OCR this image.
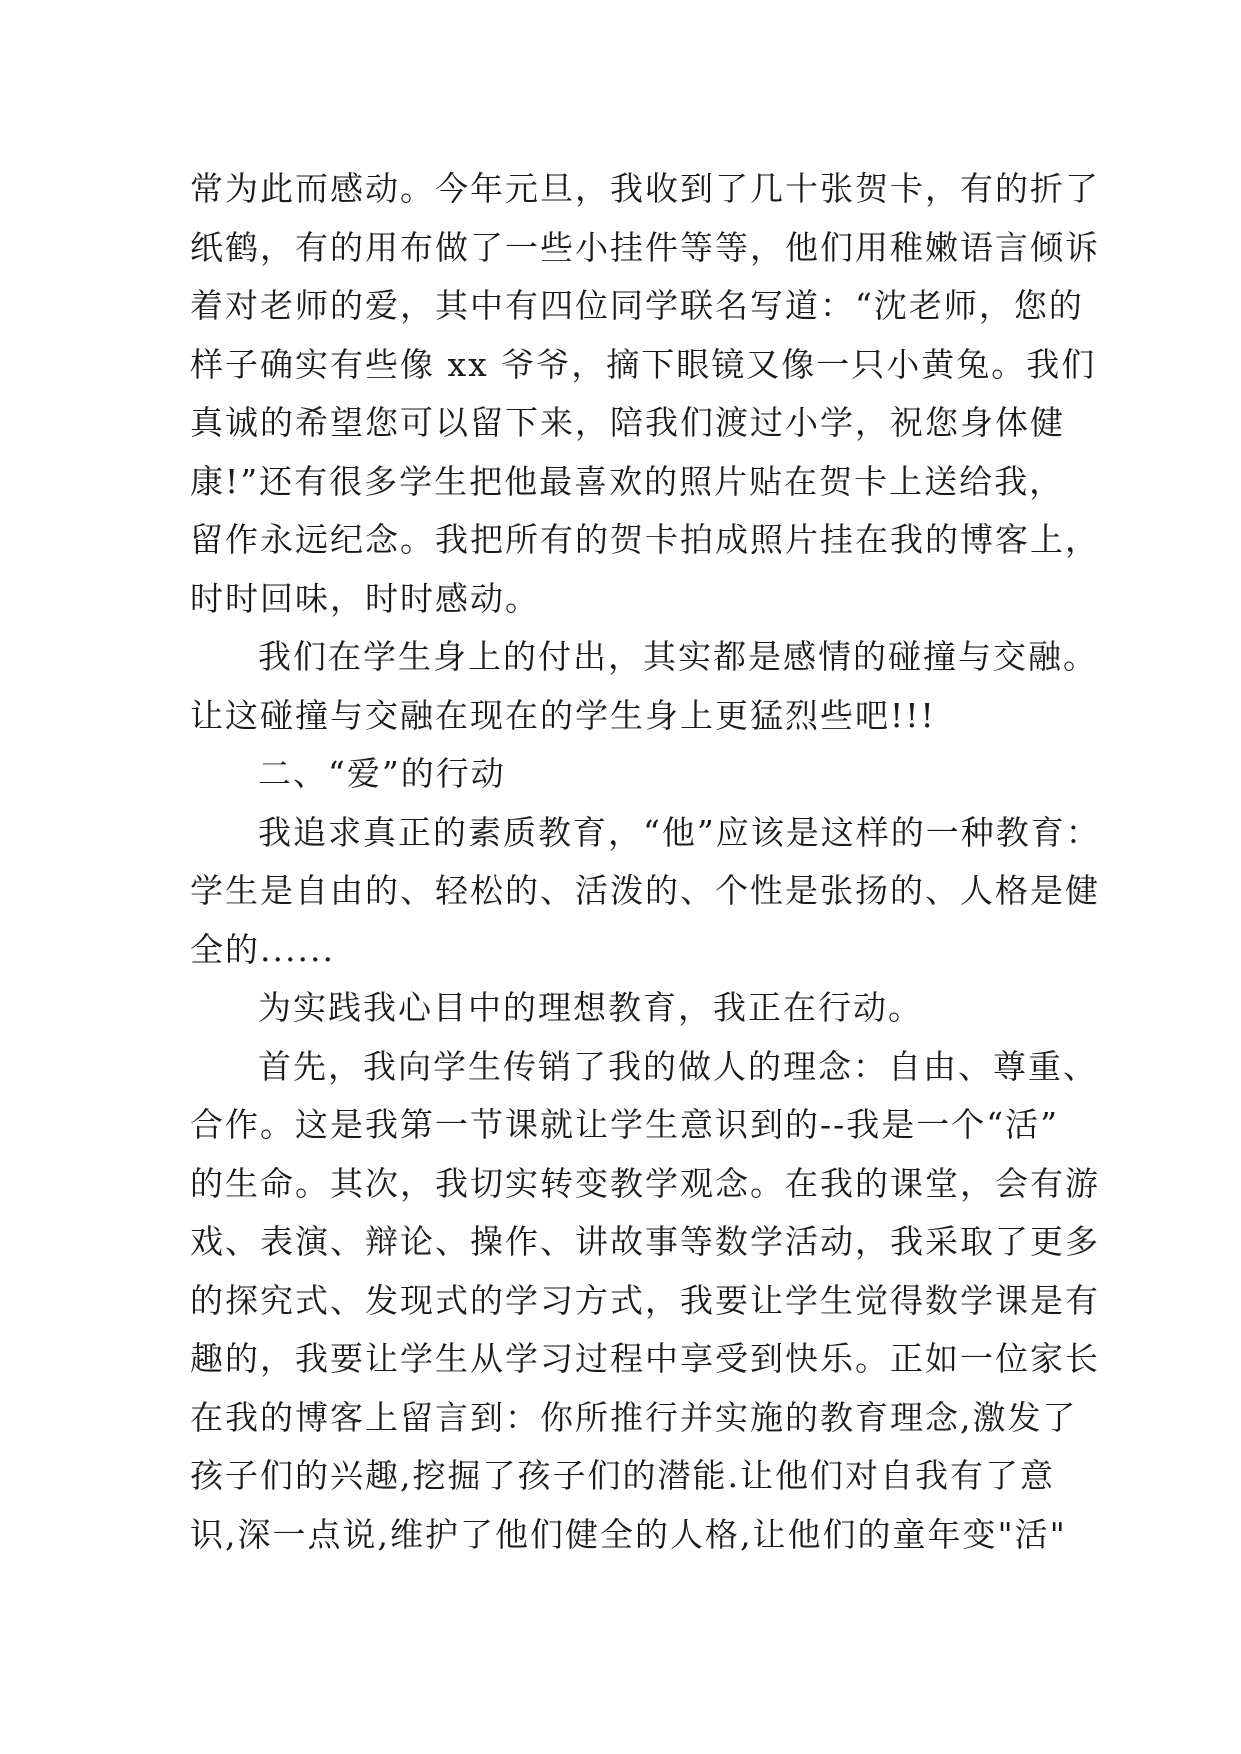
常为此而感动。今年元旦，我收到了几十张贺卡，有的折了
纸鹤，有的用布做了一些小挂件等等，他们用稚嫩语言倾诉
着对老师的爱，其中有四位同学联名写道：“沈老师，您的
样子确实有些像 xx 爷爷，摘下眼镜又像一只小黄兔。我们
真诚的希望您可以留下来，陪我们渡过小学，祝您身体健
康!”还有很多学生把他最喜欢的照片贴在贺卡上送给我，
留作永远纪念。我把所有的贺卡拍成照片挂在我的博客上，
时时回味，时时感动。
我们在学生身上的付出，其实都是感情的碰撞与交融。
让这碰撞与交融在现在的学生身上更猛烈些吧!!!
二、“爱”的行动
我追求真正的素质教育，“他”应该是这样的一种教育：
学生是自由的、轻松的、活泼的、个性是张扬的、人格是健
全的......
为实践我心目中的理想教育，我正在行动。
首先，我向学生传销了我的做人的理念：自由、尊重、
合作。这是我第一节课就让学生意识到的--我是一个“活”
的生命。其次，我切实转变教学观念。在我的课堂，会有游
戏、表演、辩论、操作、讲故事等数学活动，我采取了更多
的探究式、发现式的学习方式，我要让学生觉得数学课是有
趣的，我要让学生从学习过程中享受到快乐。正如一位家长
在我的博客上留言到：你所推行并实施的教育理念,激发了
孩子们的兴趣,挖掘了孩子们的潜能.让他们对自我有了意
识,深一点说,维护了他们健全的人格,让他们的童年变"活"
